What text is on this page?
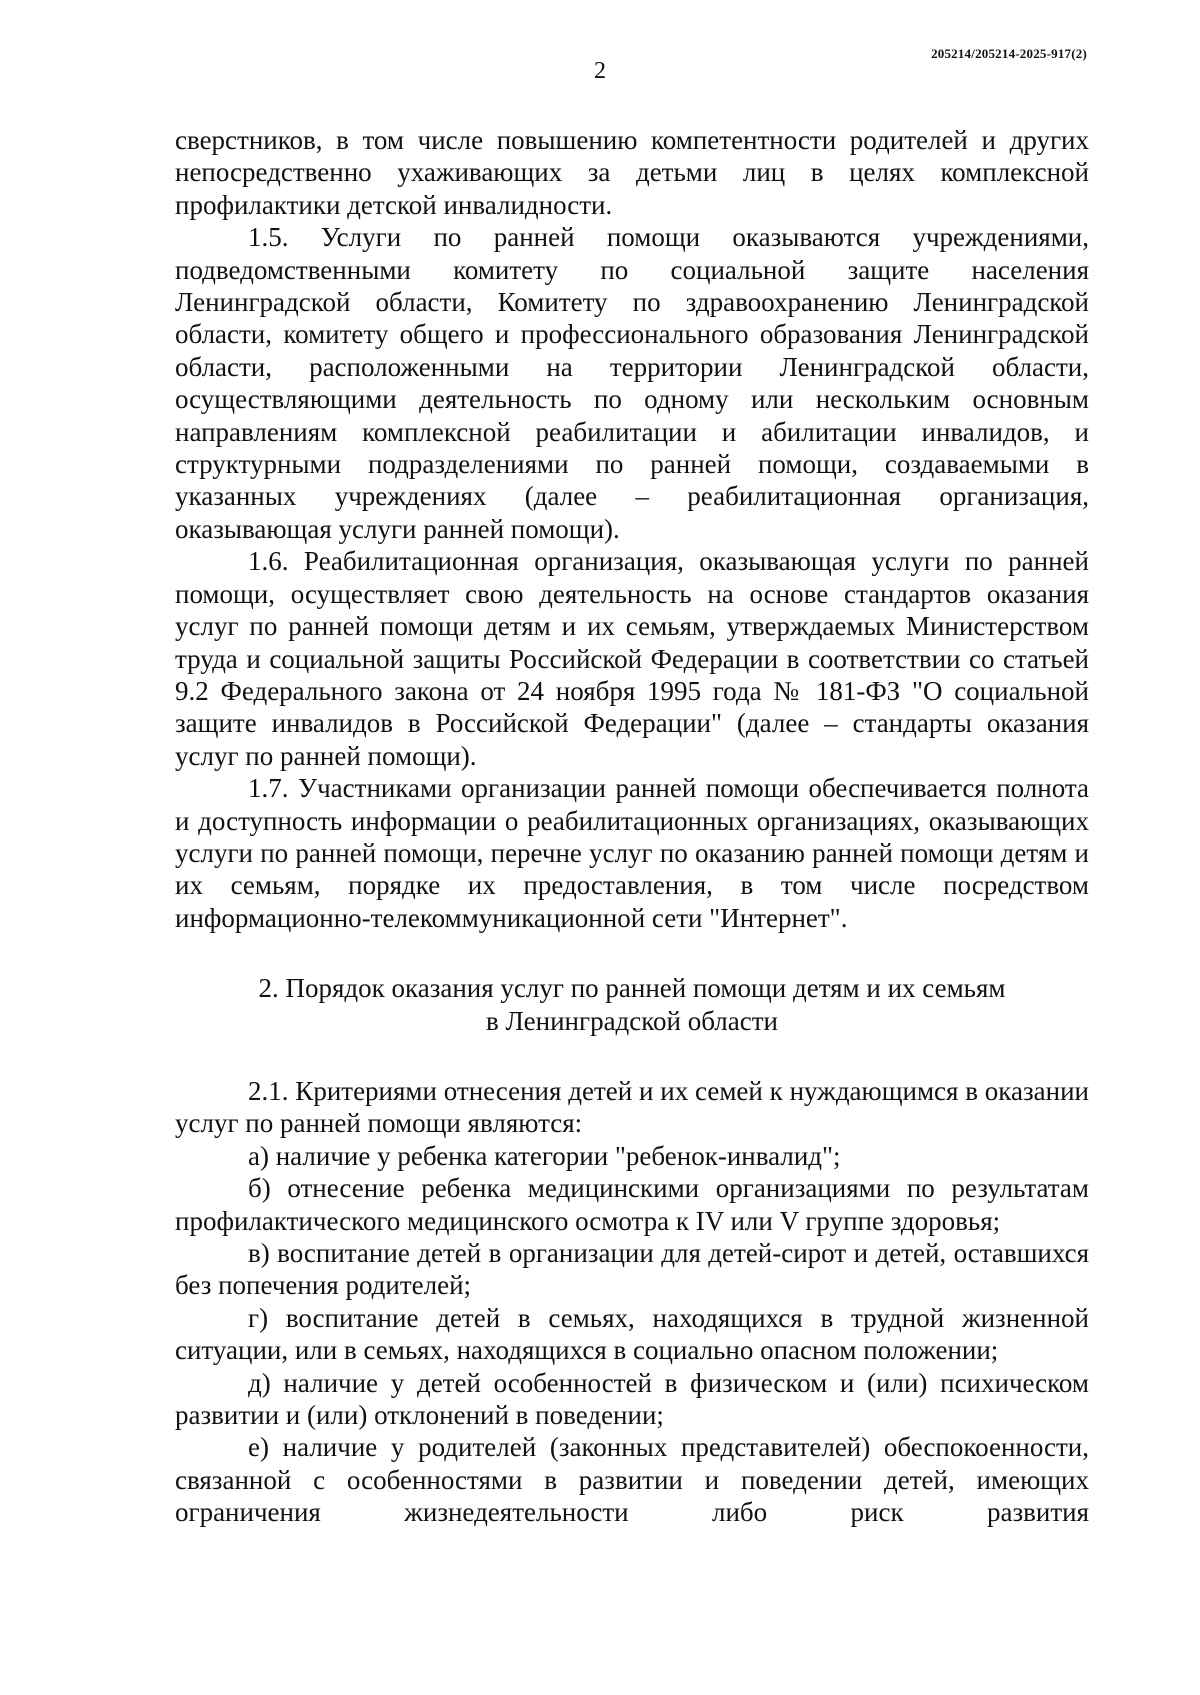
205214/205214-2025-917(2)
2

сверстников, в том числе повышению компетентности родителей и других непосредственно ухаживающих за детьми лиц в целях комплексной профилактики детской инвалидности.

1.5. Услуги по ранней помощи оказываются учреждениями, подведомственными комитету по социальной защите населения Ленинградской области, Комитету по здравоохранению Ленинградской области, комитету общего и профессионального образования Ленинградской области, расположенными на территории Ленинградской области, осуществляющими деятельность по одному или нескольким основным направлениям комплексной реабилитации и абилитации инвалидов, и структурными подразделениями по ранней помощи, создаваемыми в указанных учреждениях (далее – реабилитационная организация, оказывающая услуги ранней помощи).

1.6. Реабилитационная организация, оказывающая услуги по ранней помощи, осуществляет свою деятельность на основе стандартов оказания услуг по ранней помощи детям и их семьям, утверждаемых Министерством труда и социальной защиты Российской Федерации в соответствии со статьей 9.2 Федерального закона от 24 ноября 1995 года № 181-ФЗ "О социальной защите инвалидов в Российской Федерации" (далее – стандарты оказания услуг по ранней помощи).

1.7. Участниками организации ранней помощи обеспечивается полнота и доступность информации о реабилитационных организациях, оказывающих услуги по ранней помощи, перечне услуг по оказанию ранней помощи детям и их семьям, порядке их предоставления, в том числе посредством информационно-телекоммуникационной сети "Интернет".

2. Порядок оказания услуг по ранней помощи детям и их семьям
в Ленинградской области

2.1. Критериями отнесения детей и их семей к нуждающимся в оказании услуг по ранней помощи являются:

а) наличие у ребенка категории "ребенок-инвалид";

б) отнесение ребенка медицинскими организациями по результатам профилактического медицинского осмотра к IV или V группе здоровья;

в) воспитание детей в организации для детей-сирот и детей, оставшихся без попечения родителей;

г) воспитание детей в семьях, находящихся в трудной жизненной ситуации, или в семьях, находящихся в социально опасном положении;

д) наличие у детей особенностей в физическом и (или) психическом развитии и (или) отклонений в поведении;

е) наличие у родителей (законных представителей) обеспокоенности, связанной с особенностями в развитии и поведении детей, имеющих ограничения жизнедеятельности либо риск развития
